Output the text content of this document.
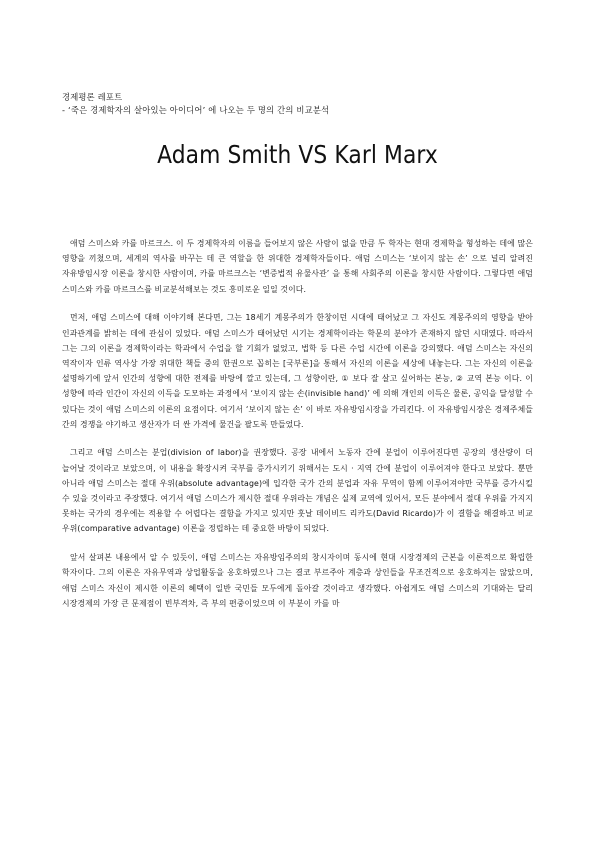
경제평론 레포트
- ‘죽은 경제학자의 살아있는 아이디어’ 에 나오는 두 명의 간의 비교분석
Adam Smith VS Karl Marx

애덤 스미스와 카를 마르크스. 이 두 경제학자의 이름을 들어보지 않은 사람이 없을 만큼 두 학자는 현대 경제학을 형성하는 데에 많은 영향을 끼쳤으며, 세계의 역사를 바꾸는 데 큰 역할을 한 위대한 경제학자들이다. 애덤 스미스는 ‘보이지 않는 손’ 으로 널리 알려진 자유방임시장 이론을 창시한 사람이며, 카를 마르크스는 ‘변증법적 유물사관’ 을 통해 사회주의 이론을 창시한 사람이다. 그렇다면 애덤 스미스와 카를 마르크스를 비교분석해보는 것도 흥미로운 일일 것이다.

먼저, 애덤 스미스에 대해 이야기해 본다면, 그는 18세기 계몽주의가 한창이던 시대에 태어났고 그 자신도 계몽주의의 영향을 받아 인과관계를 밝히는 데에 관심이 있었다. 애덤 스미스가 태어났던 시기는 경제학이라는 학문의 분야가 존재하지 않던 시대였다. 따라서 그는 그의 이론을 경제학이라는 학과에서 수업을 할 기회가 없었고, 법학 등 다른 수업 시간에 이론을 강의했다. 애덤 스미스는 자신의 역작이자 인류 역사상 가장 위대한 책들 중의 한권으로 꼽히는 [국부론]을 통해서 자신의 이론을 세상에 내놓는다. 그는 자신의 이론을 설명하기에 앞서 인간의 성향에 대한 전제를 바탕에 깔고 있는데, 그 성향이란, ① 보다 잘 살고 싶어하는 본능, ② 교역 본능 이다. 이 성향에 따라 인간이 자신의 이득을 도모하는 과정에서 ‘보이지 않는 손(invisible hand)’ 에 의해 개인의 이득은 물론, 공익을 달성할 수 있다는 것이 애덤 스미스의 이론의 요점이다. 여기서 ‘보이지 않는 손’ 이 바로 자유방임시장을 가리킨다. 이 자유방임시장은 경제주체들 간의 경쟁을 야기하고 생산자가 더 싼 가격에 물건을 팔도록 만들었다.

그리고 애덤 스미스는 분업(division of labor)을 권장했다. 공장 내에서 노동자 간에 분업이 이루어진다면 공장의 생산량이 더 늘어날 것이라고 보았으며, 이 내용을 확장시켜 국부를 증가시키기 위해서는 도시 · 지역 간에 분업이 이루어져야 한다고 보았다. 뿐만 아니라 애덤 스미스는 절대 우위(absolute advantage)에 입각한 국가 간의 분업과 자유 무역이 함께 이루어져야만 국부를 증가시킬 수 있을 것이라고 주장했다. 여기서 애덤 스미스가 제시한 절대 우위라는 개념은 실제 교역에 있어서, 모든 분야에서 절대 우위를 가지지 못하는 국가의 경우에는 적용할 수 어렵다는 결함을 가지고 있지만 훗날 데이비드 리카도(David Ricardo)가 이 결함을 해결하고 비교 우위(comparative advantage) 이론을 정립하는 데 중요한 바탕이 되었다.

앞서 살펴본 내용에서 알 수 있듯이, 애덤 스미스는 자유방임주의의 창시자이며 동시에 현대 시장경제의 근본을 이론적으로 확립한 학자이다. 그의 이론은 자유무역과 상업활동을 옹호하였으나 그는 결코 부르주아 계층과 상인들을 무조건적으로 옹호하지는 않았으며, 애덤 스미스 자신이 제시한 이론의 혜택이 일반 국민들 모두에게 돌아갈 것이라고 생각했다. 아쉽게도 애덤 스미스의 기대와는 달리 시장경제의 가장 큰 문제점이 빈부격차, 즉 부의 편중이었으며 이 부분이 카를 마
